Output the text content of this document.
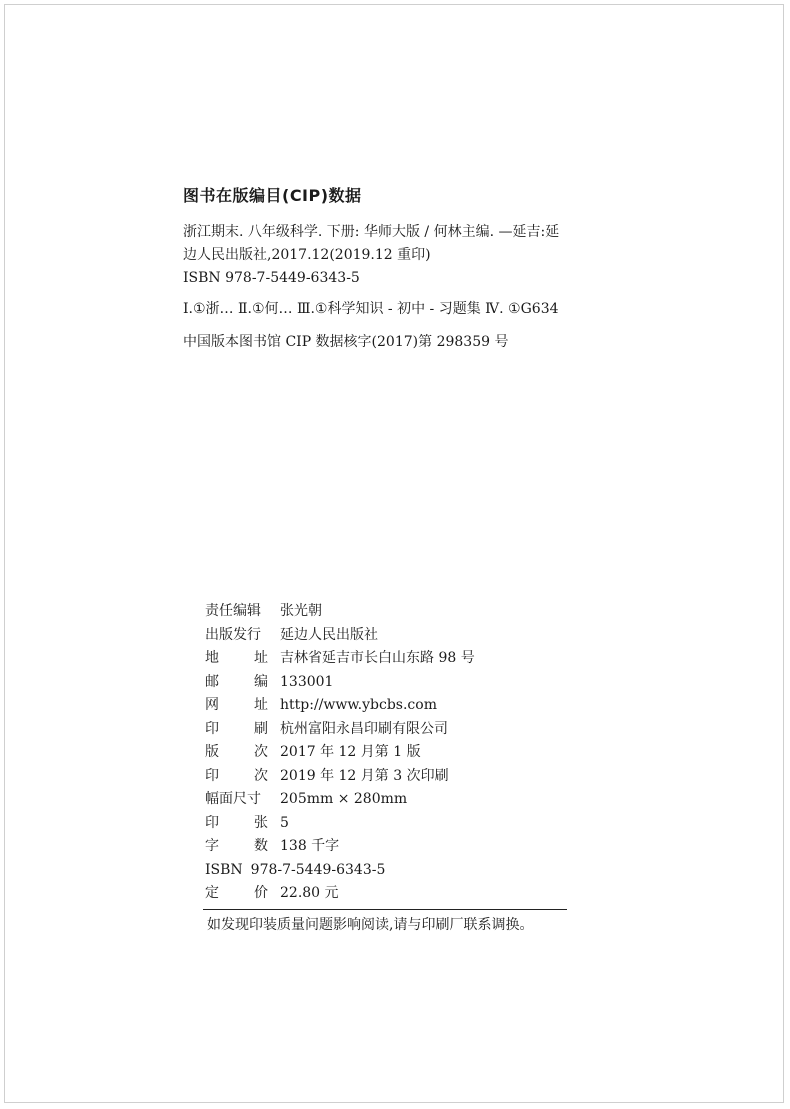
图书在版编目(CIP)数据
浙江期末. 八年级科学. 下册: 华师大版 / 何林主编. —延吉:延
边人民出版社,2017.12(2019.12 重印)
ISBN 978-7-5449-6343-5
Ⅰ.①浙… Ⅱ.①何… Ⅲ.①科学知识 - 初中 - 习题集 Ⅳ. ①G634
中国版本图书馆 CIP 数据核字(2017)第 298359 号
责任编辑 张光朝
出版发行 延边人民出版社
地	址 吉林省延吉市长白山东路 98 号
邮	编 133001
网	址 http://www.ybcbs.com
印	刷 杭州富阳永昌印刷有限公司
版	次 2017 年 12 月第 1 版
印	次 2019 年 12 月第 3 次印刷
幅面尺寸 205mm × 280mm
印	张 5
字	数 138 千字
ISBN 978-7-5449-6343-5
定	价 22.80 元
如发现印装质量问题影响阅读,请与印刷厂联系调换。
